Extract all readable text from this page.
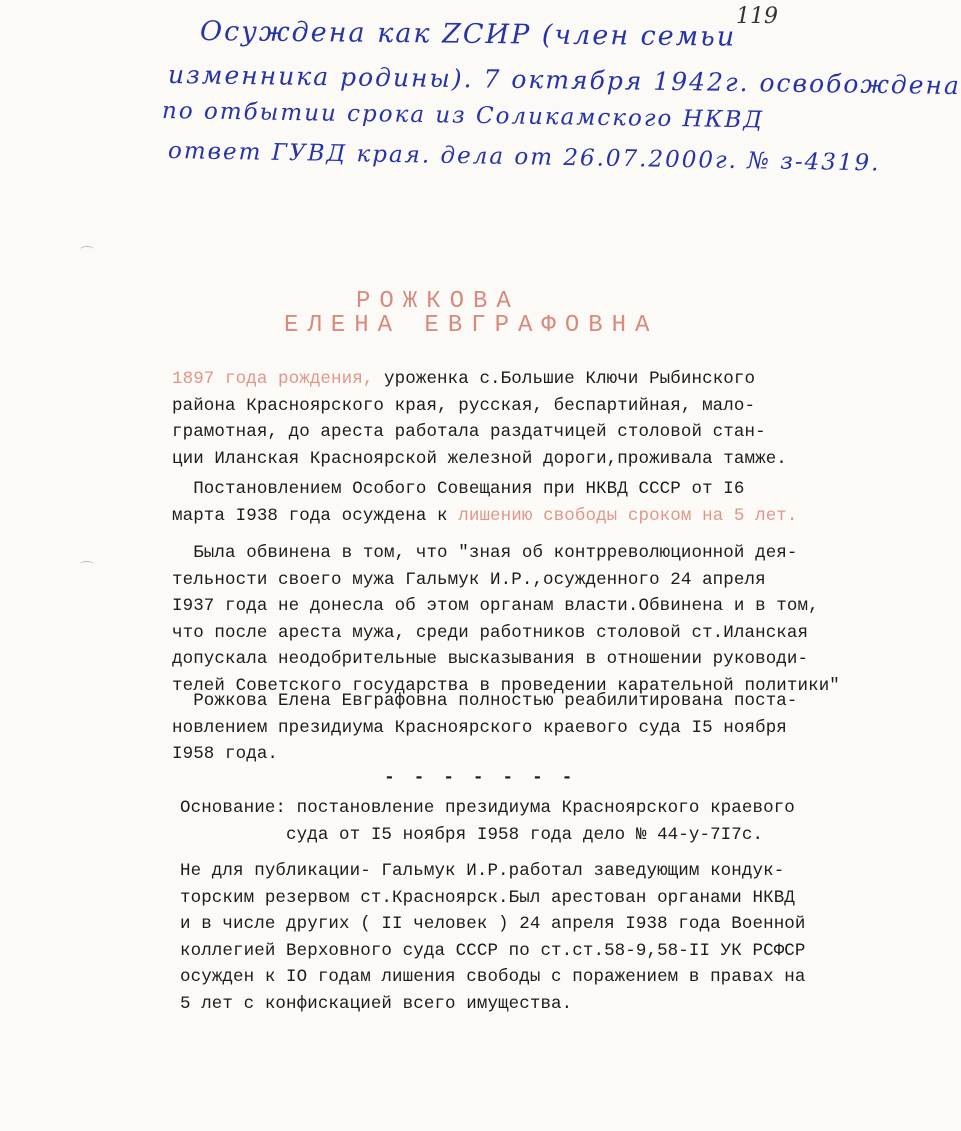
119
Осуждена как ZСИР (член семьи
изменника родины). 7 октября 1942г. освобождена
по отбытии срока из Соликамского НКВД
ответ ГУВД края. дела от 26.07.2000г. № з-4319.
РОЖКОВА
ЕЛЕНА ЕВГРАФОВНА
1897 года рождения, уроженка с.Большие Ключи Рыбинского
района Красноярского края, русская, беспартийная, мало-
грамотная, до ареста работала раздатчицей столовой стан-
ции Иланская Красноярской железной дороги,проживала тамже.
Постановлением Особого Совещания при НКВД СССР от I6
марта I938 года осуждена к лишению свободы сроком на 5 лет.
Была обвинена в том, что "зная об контрреволюционной дея-
тельности своего мужа Гальмук И.Р.,осужденного 24 апреля
I937 года не донесла об этом органам власти.Обвинена и в том,
что после ареста мужа, среди работников столовой ст.Иланская
допускала неодобрительные высказывания в отношении руководи-
телей Советского государства в проведении карательной политики"
Рожкова Елена Евграфовна полностью реабилитирована поста-
новлением президиума Красноярского краевого суда I5 ноября
I958 года.
- - - - - - -
Основание: постановление президиума Красноярского краевого
суда от I5 ноября I958 года дело № 44-у-7I7с.
Не для публикации- Гальмук И.Р.работал заведующим кондук-
торским резервом ст.Красноярск.Был арестован органами НКВД
и в числе других ( II человек ) 24 апреля I938 года Военной
коллегией Верховного суда СССР по ст.ст.58-9,58-II УК РСФСР
осужден к IO годам лишения свободы с поражением в правах на
5 лет с конфискацией всего имущества.
